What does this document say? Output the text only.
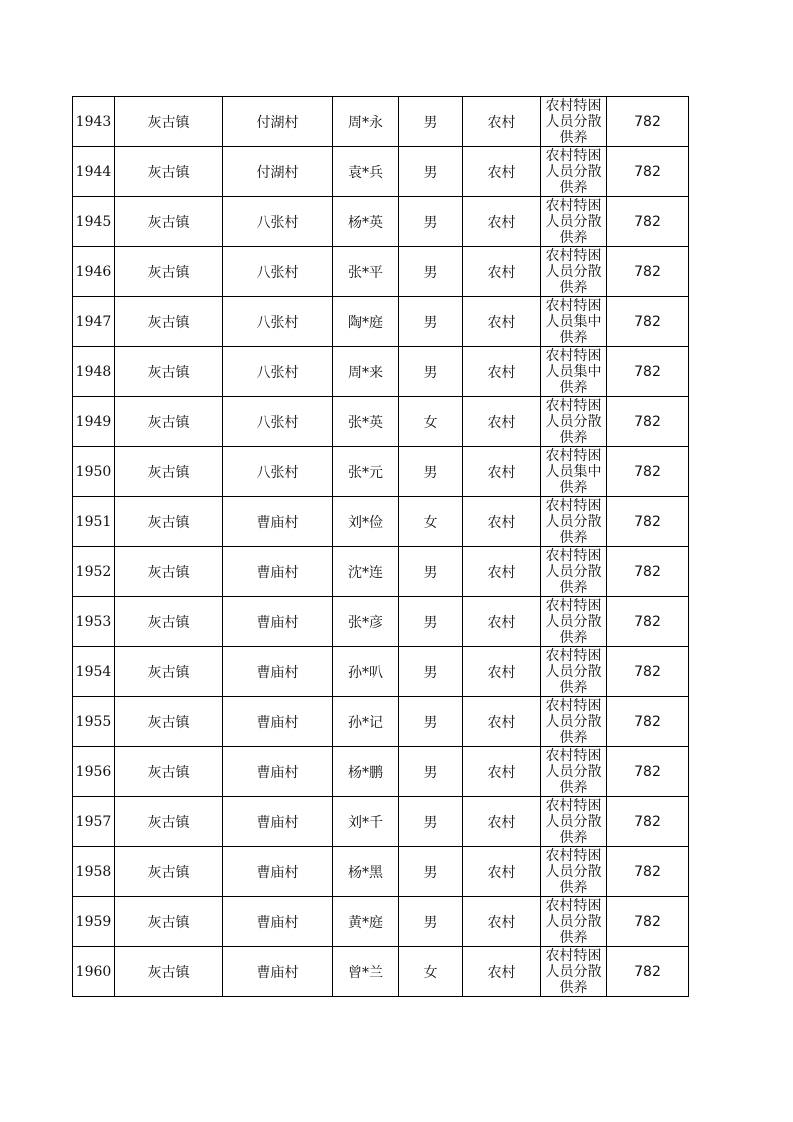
1943	灰古镇	付湖村	周*永	男	农村	农村特困人员分散供养	782
1944	灰古镇	付湖村	袁*兵	男	农村	农村特困人员分散供养	782
1945	灰古镇	八张村	杨*英	男	农村	农村特困人员分散供养	782
1946	灰古镇	八张村	张*平	男	农村	农村特困人员分散供养	782
1947	灰古镇	八张村	陶*庭	男	农村	农村特困人员集中供养	782
1948	灰古镇	八张村	周*来	男	农村	农村特困人员集中供养	782
1949	灰古镇	八张村	张*英	女	农村	农村特困人员分散供养	782
1950	灰古镇	八张村	张*元	男	农村	农村特困人员集中供养	782
1951	灰古镇	曹庙村	刘*俭	女	农村	农村特困人员分散供养	782
1952	灰古镇	曹庙村	沈*连	男	农村	农村特困人员分散供养	782
1953	灰古镇	曹庙村	张*彦	男	农村	农村特困人员分散供养	782
1954	灰古镇	曹庙村	孙*叭	男	农村	农村特困人员分散供养	782
1955	灰古镇	曹庙村	孙*记	男	农村	农村特困人员分散供养	782
1956	灰古镇	曹庙村	杨*鹏	男	农村	农村特困人员分散供养	782
1957	灰古镇	曹庙村	刘*千	男	农村	农村特困人员分散供养	782
1958	灰古镇	曹庙村	杨*黑	男	农村	农村特困人员分散供养	782
1959	灰古镇	曹庙村	黄*庭	男	农村	农村特困人员分散供养	782
1960	灰古镇	曹庙村	曾*兰	女	农村	农村特困人员分散供养	782
